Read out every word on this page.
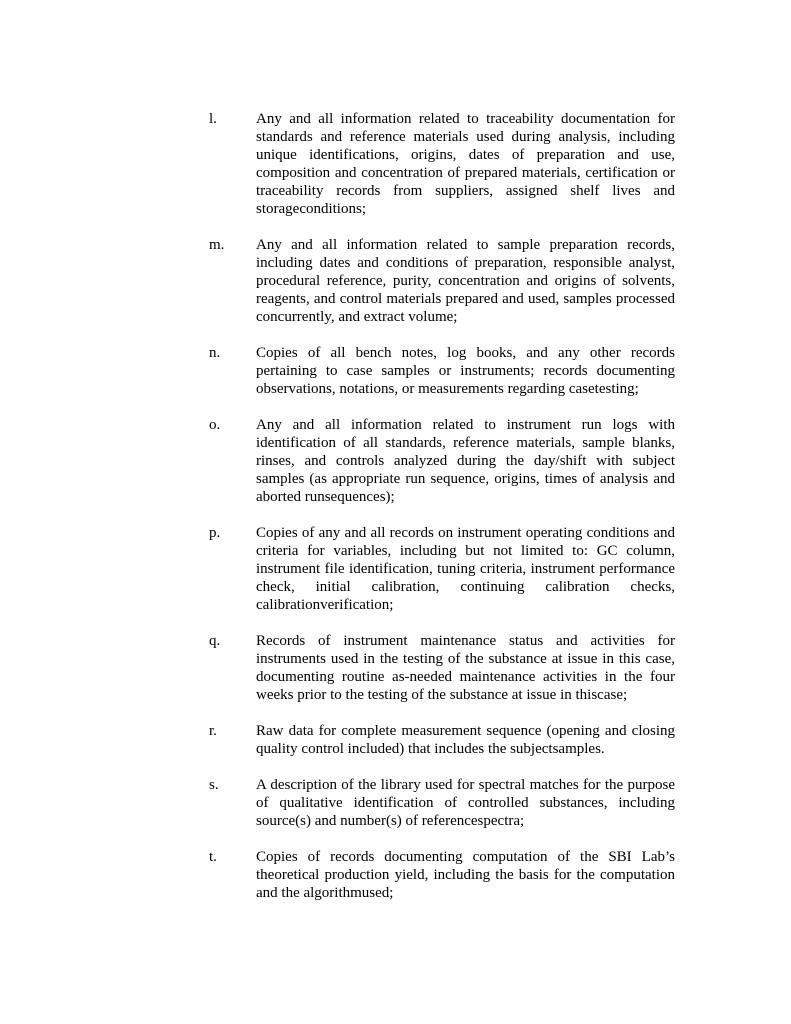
l.	Any and all information related to traceability documentation for standards and reference materials used during analysis, including unique identifications, origins, dates of preparation and use, composition and concentration of prepared materials, certification or traceability records from suppliers, assigned shelf lives and storageconditions;
m.	Any and all information related to sample preparation records, including dates and conditions of preparation, responsible analyst, procedural reference, purity, concentration and origins of solvents, reagents, and control materials prepared and used, samples processed concurrently, and extract volume;
n.	Copies of all bench notes, log books, and any other records pertaining to case samples or instruments; records documenting observations, notations, or measurements regarding casetesting;
o.	Any and all information related to instrument run logs with identification of all standards, reference materials, sample blanks, rinses, and controls analyzed during the day/shift with subject samples (as appropriate run sequence, origins, times of analysis and aborted runsequences);
p.	Copies of any and all records on instrument operating conditions and criteria for variables, including but not limited to: GC column, instrument file identification, tuning criteria, instrument performance check, initial calibration, continuing calibration checks, calibrationverification;
q.	Records of instrument maintenance status and activities for instruments used in the testing of the substance at issue in this case, documenting routine as-needed maintenance activities in the four weeks prior to the testing of the substance at issue in thiscase;
r.	Raw data for complete measurement sequence (opening and closing quality control included) that includes the subjectsamples.
s.	A description of the library used for spectral matches for the purpose of qualitative identification of controlled substances, including source(s) and number(s) of referencespectra;
t.	Copies of records documenting computation of the SBI Lab’s theoretical production yield, including the basis for the computation and the algorithmused;
